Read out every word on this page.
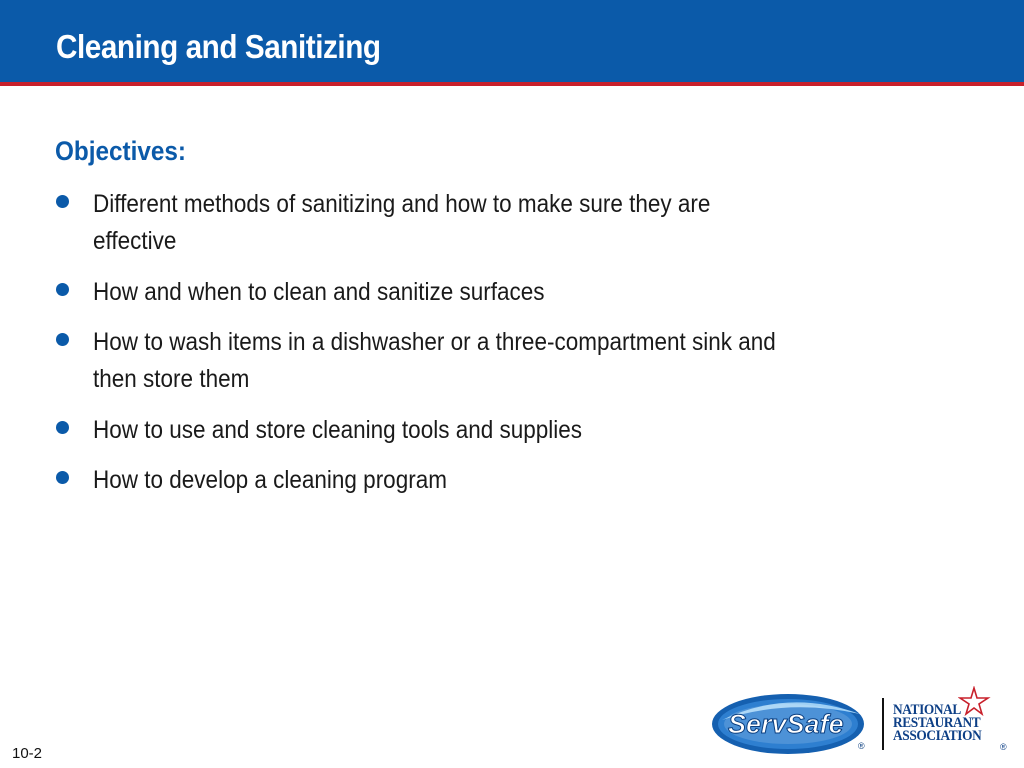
Cleaning and Sanitizing
Objectives:
Different methods of sanitizing and how to make sure they are effective
How and when to clean and sanitize surfaces
How to wash items in a dishwasher or a three-compartment sink and then store them
How to use and store cleaning tools and supplies
How to develop a cleaning program
10-2
ServSafe
®
NATIONAL
RESTAURANT
ASSOCIATION
®
